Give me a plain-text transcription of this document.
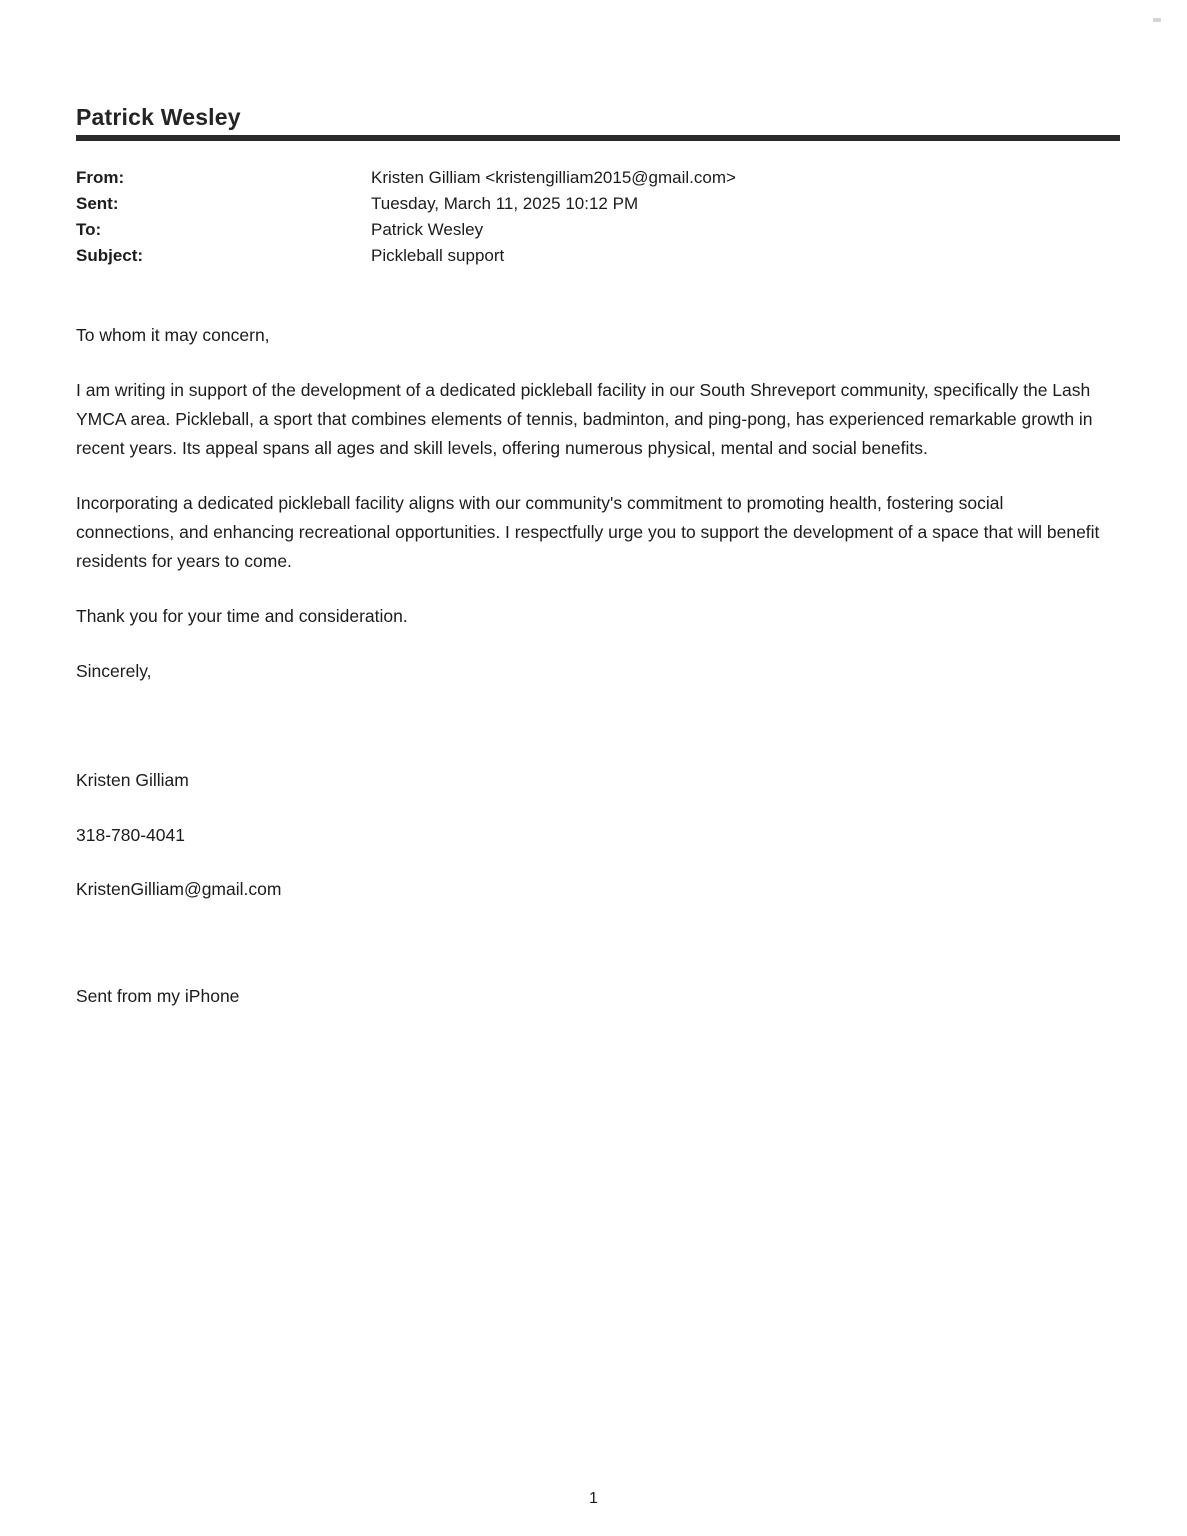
Patrick Wesley
From:	Kristen Gilliam <kristengilliam2015@gmail.com>
Sent:	Tuesday, March 11, 2025 10:12 PM
To:	Patrick Wesley
Subject:	Pickleball support
To whom it may concern,
I am writing in support of the development of a dedicated pickleball facility in our South Shreveport community, specifically the Lash YMCA area. Pickleball, a sport that combines elements of tennis, badminton, and ping-pong, has experienced remarkable growth in recent years. Its appeal spans all ages and skill levels, offering numerous physical, mental and social benefits.
Incorporating a dedicated pickleball facility aligns with our community's commitment to promoting health, fostering social connections, and enhancing recreational opportunities. I respectfully urge you to support the development of a space that will benefit residents for years to come.
Thank you for your time and consideration.
Sincerely,
Kristen Gilliam
318-780-4041
KristenGilliam@gmail.com
Sent from my iPhone
1
